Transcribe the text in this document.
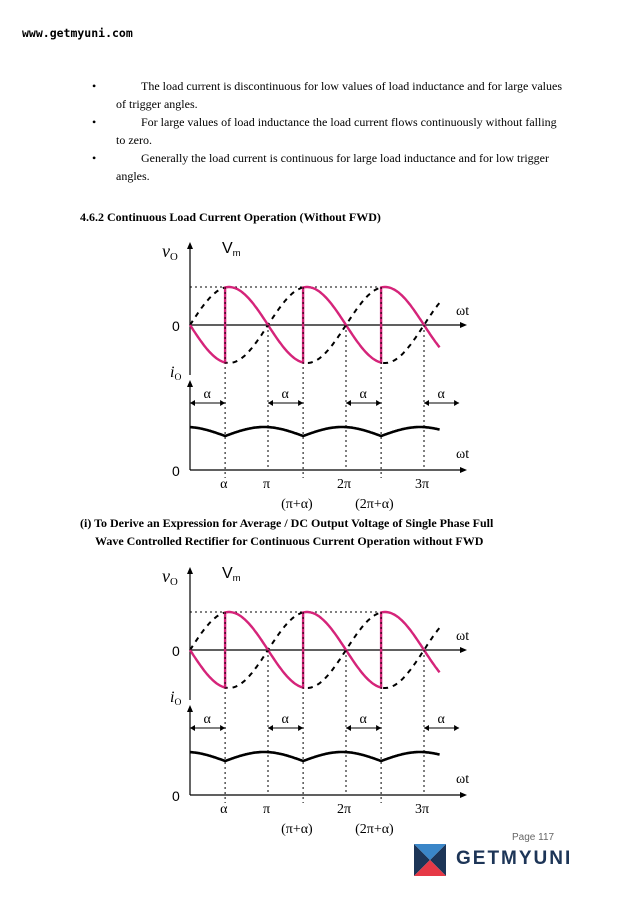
www.getmyuni.com
•	The load current is discontinuous for low values of load inductance and for large values of trigger angles.
•	For large values of load inductance the load current flows continuously without falling to zero.
•	Generally the load current is continuous for large load inductance and for low trigger angles.
4.6.2 Continuous Load Current Operation (Without FWD)
α	α	α	α
vO	Vm
0
ωt
iO
ωt
0
α	π	2π	3π
(π+α)	(2π+α)
(i) To Derive an Expression for Average / DC Output Voltage of Single Phase Full
Wave Controlled Rectifier for Continuous Current Operation without FWD
α	α	α	α
vO	Vm
0
ωt
iO
ωt
0
α	π	2π	3π
(π+α)	(2π+α)
Page 117
GETMYUNI
